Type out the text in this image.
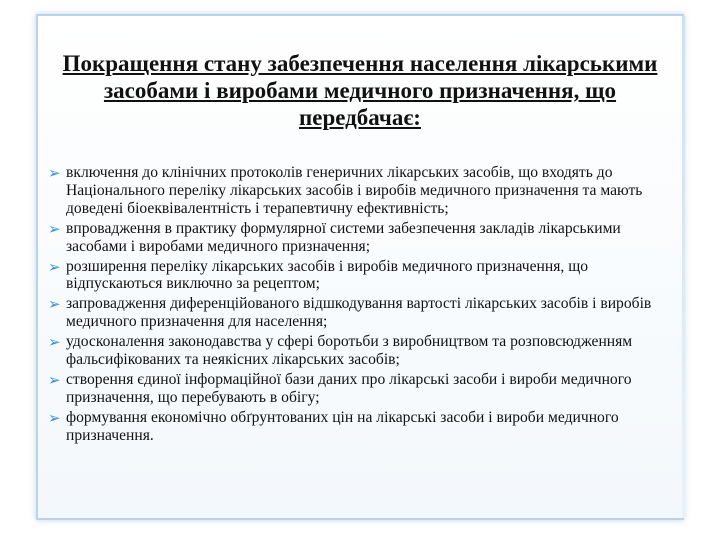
Покращення стану забезпечення населення лікарськими засобами і виробами медичного призначення, що передбачає:
➢ включення до клінічних протоколів генеричних лікарських засобів, що входять до Національного переліку лікарських засобів і виробів медичного призначення та мають доведені біоеквівалентність і терапевтичну ефективність;
➢ впровадження в практику формулярної системи забезпечення закладів лікарськими засобами і виробами медичного призначення;
➢ розширення переліку лікарських засобів і виробів медичного призначення, що відпускаються виключно за рецептом;
➢ запровадження диференційованого відшкодування вартості лікарських засобів і виробів медичного призначення для населення;
➢ удосконалення законодавства у сфері боротьби з виробництвом та розповсюдженням фальсифікованих та неякісних лікарських засобів;
➢ створення єдиної інформаційної бази даних про лікарські засоби і вироби медичного призначення, що перебувають в обігу;
➢ формування економічно обґрунтованих цін на лікарські засоби і вироби медичного призначення.
